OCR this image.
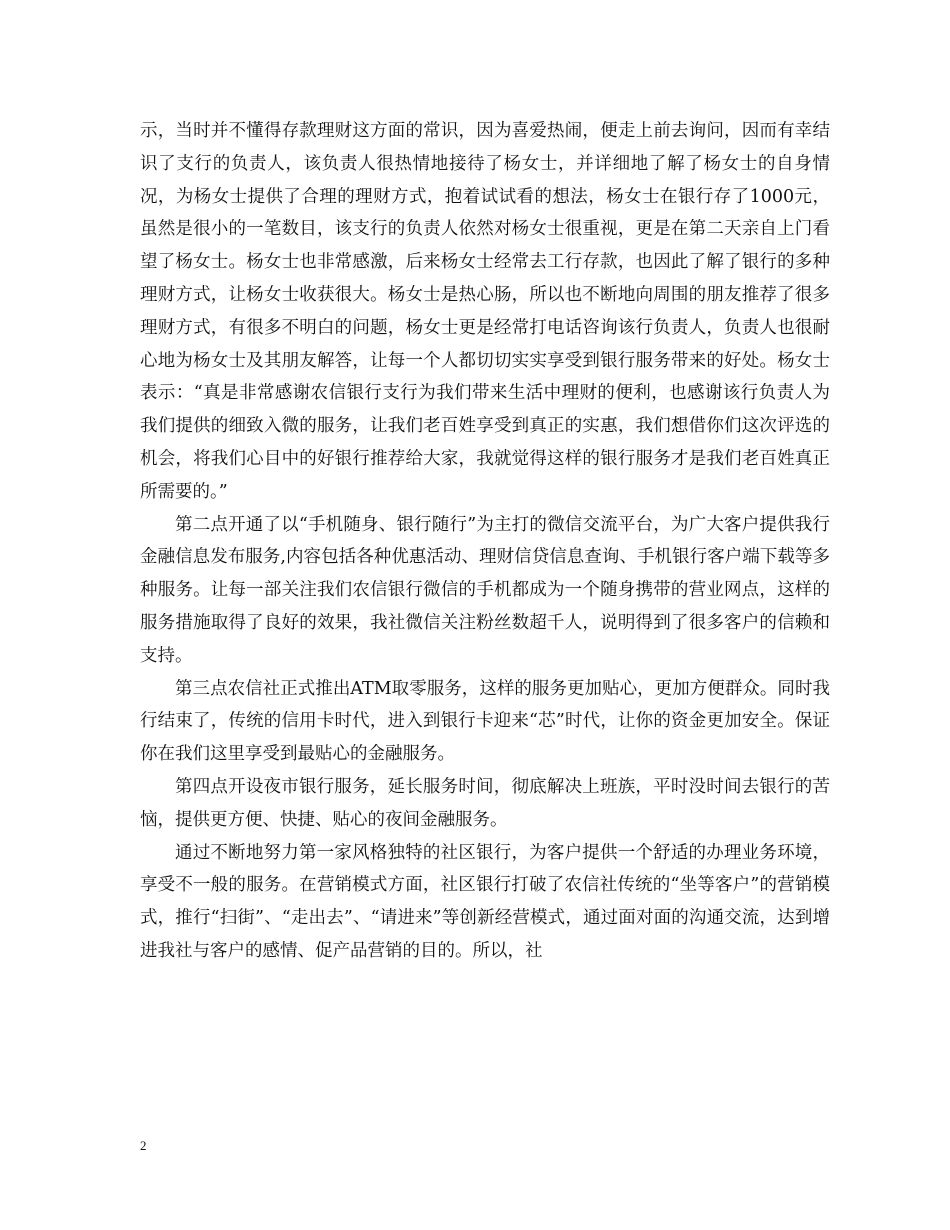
示，当时并不懂得存款理财这方面的常识，因为喜爱热闹，便走上前去询问，因而有幸结识了支行的负责人，该负责人很热情地接待了杨女士，并详细地了解了杨女士的自身情况，为杨女士提供了合理的理财方式，抱着试试看的想法，杨女士在银行存了1000元，虽然是很小的一笔数目，该支行的负责人依然对杨女士很重视，更是在第二天亲自上门看望了杨女士。杨女士也非常感激，后来杨女士经常去工行存款，也因此了解了银行的多种理财方式，让杨女士收获很大。杨女士是热心肠，所以也不断地向周围的朋友推荐了很多理财方式，有很多不明白的问题，杨女士更是经常打电话咨询该行负责人，负责人也很耐心地为杨女士及其朋友解答，让每一个人都切切实实享受到银行服务带来的好处。杨女士表示：“真是非常感谢农信银行支行为我们带来生活中理财的便利，也感谢该行负责人为我们提供的细致入微的服务，让我们老百姓享受到真正的实惠，我们想借你们这次评选的机会，将我们心目中的好银行推荐给大家，我就觉得这样的银行服务才是我们老百姓真正所需要的。”

第二点开通了以“手机随身、银行随行”为主打的微信交流平台，为广大客户提供我行金融信息发布服务,内容包括各种优惠活动、理财信贷信息查询、手机银行客户端下载等多种服务。让每一部关注我们农信银行微信的手机都成为一个随身携带的营业网点，这样的服务措施取得了良好的效果，我社微信关注粉丝数超千人，说明得到了很多客户的信赖和支持。

第三点农信社正式推出ATM取零服务，这样的服务更加贴心，更加方便群众。同时我行结束了，传统的信用卡时代，进入到银行卡迎来“芯”时代，让你的资金更加安全。保证你在我们这里享受到最贴心的金融服务。

第四点开设夜市银行服务，延长服务时间，彻底解决上班族，平时没时间去银行的苦恼，提供更方便、快捷、贴心的夜间金融服务。

通过不断地努力第一家风格独特的社区银行，为客户提供一个舒适的办理业务环境，享受不一般的服务。在营销模式方面，社区银行打破了农信社传统的“坐等客户”的营销模式，推行“扫街”、“走出去”、“请进来”等创新经营模式，通过面对面的沟通交流，达到增进我社与客户的感情、促产品营销的目的。所以，社

2
